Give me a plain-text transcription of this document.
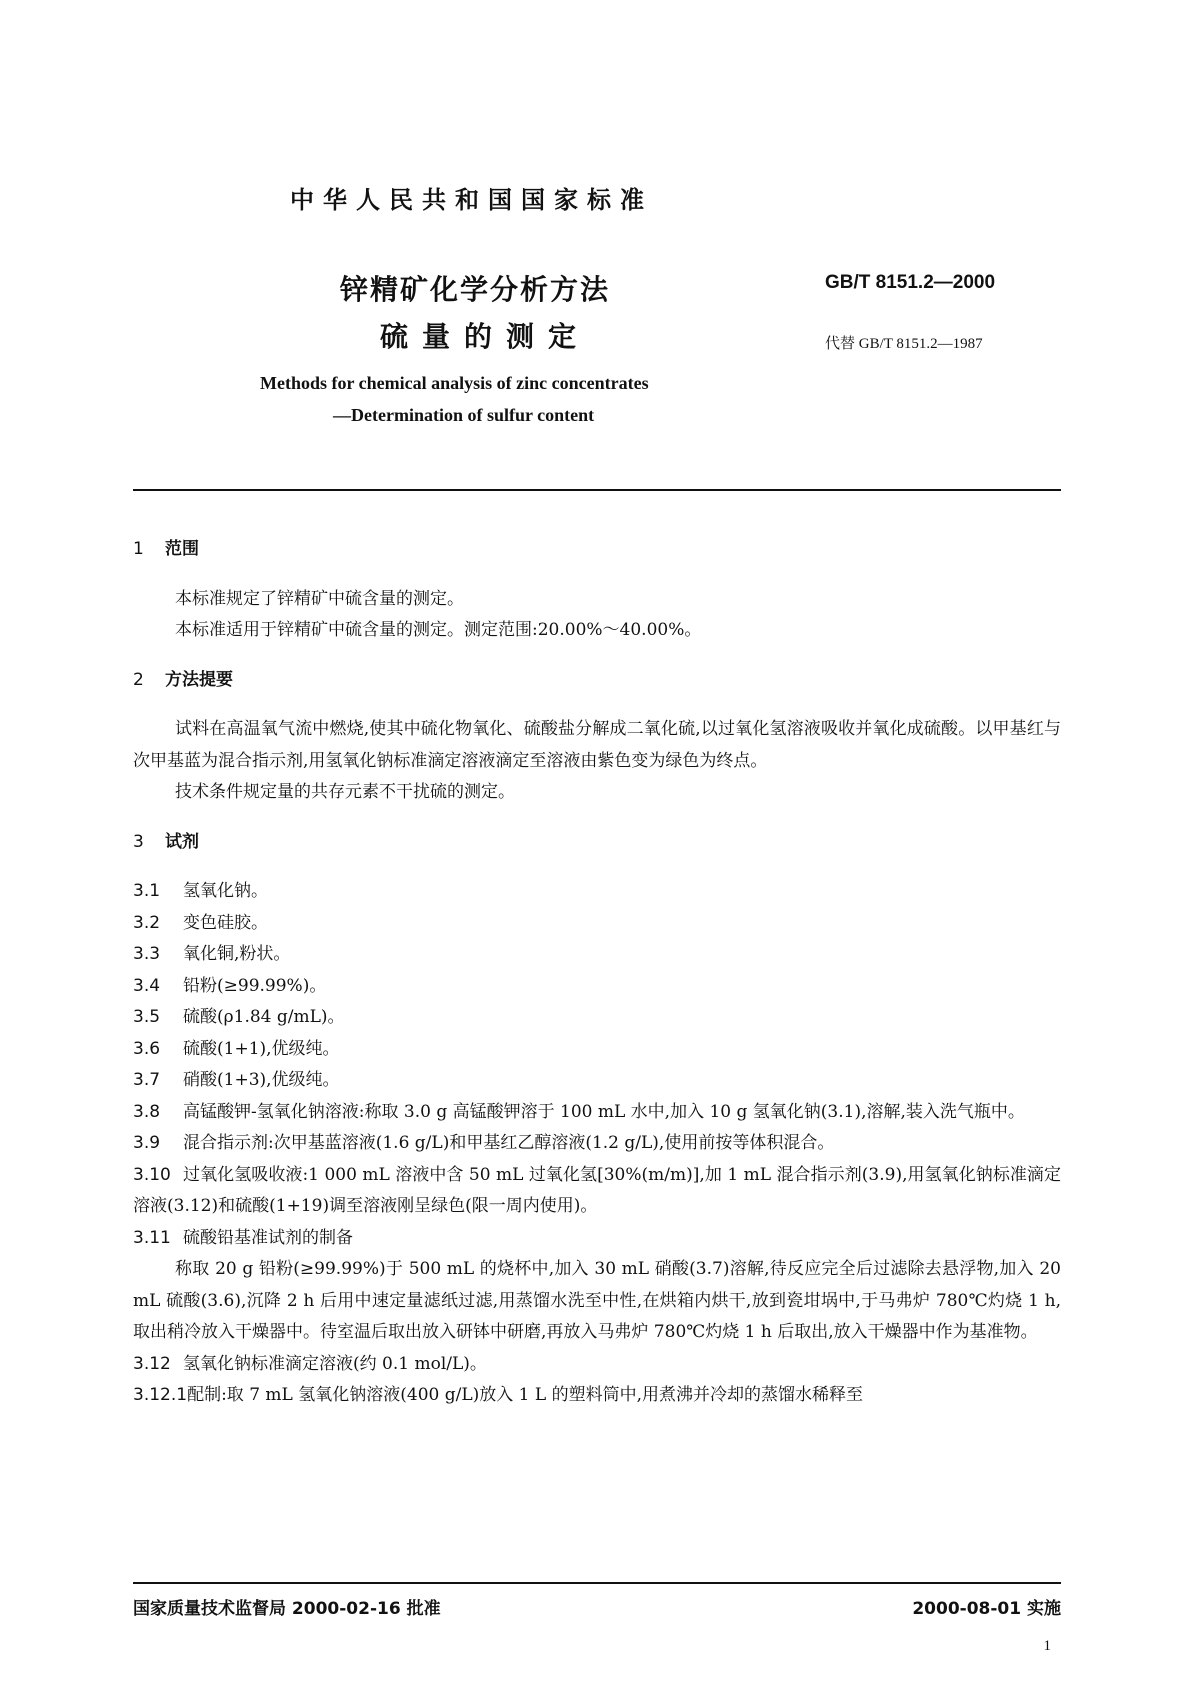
中华人民共和国国家标准
锌精矿化学分析方法
硫量的测定
GB/T 8151.2—2000
代替 GB/T 8151.2—1987
Methods for chemical analysis of zinc concentrates
—Determination of sulfur content
1 范围
本标准规定了锌精矿中硫含量的测定。
本标准适用于锌精矿中硫含量的测定。测定范围:20.00%～40.00%。
2 方法提要
试料在高温氧气流中燃烧,使其中硫化物氧化、硫酸盐分解成二氧化硫,以过氧化氢溶液吸收并氧化成硫酸。以甲基红与次甲基蓝为混合指示剂,用氢氧化钠标准滴定溶液滴定至溶液由紫色变为绿色为终点。
技术条件规定量的共存元素不干扰硫的测定。
3 试剂
3.1 氢氧化钠。
3.2 变色硅胶。
3.3 氧化铜,粉状。
3.4 铅粉(≥99.99%)。
3.5 硫酸(ρ1.84 g/mL)。
3.6 硫酸(1+1),优级纯。
3.7 硝酸(1+3),优级纯。
3.8 高锰酸钾-氢氧化钠溶液:称取 3.0 g 高锰酸钾溶于 100 mL 水中,加入 10 g 氢氧化钠(3.1),溶解,装入洗气瓶中。
3.9 混合指示剂:次甲基蓝溶液(1.6 g/L)和甲基红乙醇溶液(1.2 g/L),使用前按等体积混合。
3.10 过氧化氢吸收液:1 000 mL 溶液中含 50 mL 过氧化氢[30%(m/m)],加 1 mL 混合指示剂(3.9),用氢氧化钠标准滴定溶液(3.12)和硫酸(1+19)调至溶液刚呈绿色(限一周内使用)。
3.11 硫酸铅基准试剂的制备
称取 20 g 铅粉(≥99.99%)于 500 mL 的烧杯中,加入 30 mL 硝酸(3.7)溶解,待反应完全后过滤除去悬浮物,加入 20 mL 硫酸(3.6),沉降 2 h 后用中速定量滤纸过滤,用蒸馏水洗至中性,在烘箱内烘干,放到瓷坩埚中,于马弗炉 780℃灼烧 1 h,取出稍冷放入干燥器中。待室温后取出放入研钵中研磨,再放入马弗炉 780℃灼烧 1 h 后取出,放入干燥器中作为基准物。
3.12 氢氧化钠标准滴定溶液(约 0.1 mol/L)。
3.12.1配制:取 7 mL 氢氧化钠溶液(400 g/L)放入 1 L 的塑料筒中,用煮沸并冷却的蒸馏水稀释至
国家质量技术监督局 2000-02-16 批准	2000-08-01 实施
1
